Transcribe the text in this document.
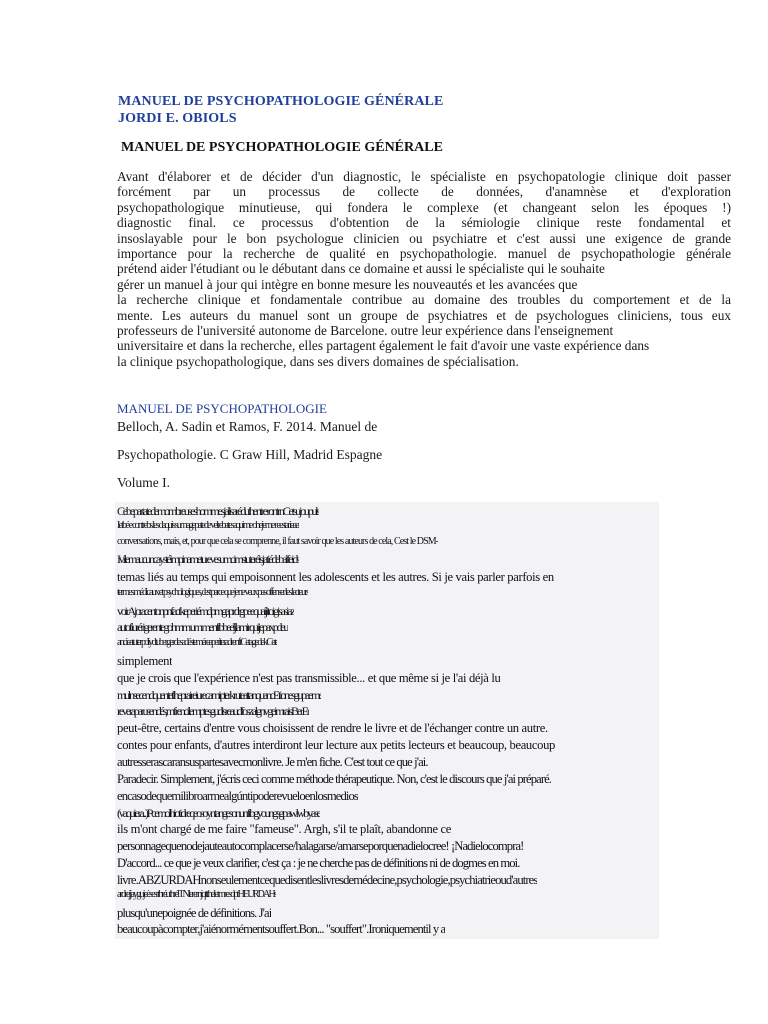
MANUEL DE PSYCHOPATHOLOGIE GÉNÉRALE
JORDI E. OBIOLS
MANUEL DE PSYCHOPATHOLOGIE GÉNÉRALE
Avant d'élaborer et de décider d'un diagnostic, le spécialiste en psychopatologie clinique doit passer
forcément par un processus de collecte de données, d'anamnèse et d'exploration
psychopathologique minutieuse, qui fondera le complexe (et changeant selon les époques !)
diagnostic final. ce processus d'obtention de la sémiologie clinique reste fondamental et
insoslayable pour le bon psychologue clinicien ou psychiatre et c'est aussi une exigence de grande
importance pour la recherche de qualité en psychopathologie. manuel de psychopathologie générale
prétend aider l'étudiant ou le débutant dans ce domaine et aussi le spécialiste qui le souhaite
gérer un manuel à jour qui intègre en bonne mesure les nouveautés et les avancées que
la recherche clinique et fondamentale contribue au domaine des troubles du comportement et de la
mente. Les auteurs du manuel sont un groupe de psychiatres et de psychologues cliniciens, tous eux
professeurs de l'université autonome de Barcelone. outre leur expérience dans l'enseignement
universitaire et dans la recherche, elles partagent également le fait d'avoir une vaste expérience dans
la clinique psychopathologique, dans ses divers domaines de spécialisation.
MANUEL DE PSYCHOPATHOLOGIE
Belloch, A. Sadin et Ramos, F. 2014. Manuel de
Psychopathologie. C Graw Hill, Madrid Espagne
Volume I.
Cebepartatedemombreuseshommesjalisaréduthentre rontrnCetsujoupuls
Ietbé e contrebs les daquis sumagepatede velrebatesaquime ohejeme r eestarieaer
conversations, mais, et, pour que cela se comprenne, il faut savoir que les auteurs de cela, Cest le DSM-
Ivilemaucuncaystéimpinameturevesumcimstuteréisjatiédebalfeids
temas liés au temps qui empoisonnent les adolescents et les autres. Si je vais parler parfois en
termes médicaux et psychologiques, c'est parce que je ne veux pas offenser les lecteurs
voirAjoracentonpnfactkeperiémdpmgaprdrgpeequaíjitoigisasiaz
autofiurérigerentegohmm um menftbbeeljlamirquijepaxpdeut
ancieatuterpdiydtubergerdesadésteméreaperiteradrenftCetagedekCete
simplement
que je crois que l'expérience n'est pas transmissible... et que même si je l'ai déjà lu
mulnsecendquentetlhepraireiurecamipterkruteattanquancEtionesgupaeme
reveraparusendés,mfrencilemptesgudisreaudfoszalgnvgeimraisBerEr
peut-être, certains d'entre vous choisissent de rendre le livre et de l'échanger contre un autre.
contes pour enfants, d'autres interdiront leur lecture aux petits lecteurs et beaucoup, beaucoup
autresserascaransuspartesavecmonlivre. Je m'en fiche. C'est tout ce que j'ai.
Paradecir. Simplement, j'écris ceci comme méthode thérapeutique. Non, c'est le discours que j'ai préparé.
encasodequemilibroarmealgúntipoderevueloenlosmedios
(vaquiera...)Pcemolhiotidreqeosoyntangesonunftbgyoungsgpawlwbyase
ils m'ont chargé de me faire "fameuse". Argh, s'il te plaît, abandonne ce
personnagequenodejauteautocomplacerse/halagarse/amarseporquenadielocree! ¡Nadielocompra!
D'accord... ce que je veux clarifier, c'est ça : je ne cherche pas de définitions ni de dogmes en moi.
livre.ABZURDAHnonseulementcequedisentleslivresdemédecine,psychologie,psychiatrieoud'autres
ardrejjaygujeèsesrthréuthrélTNlerernjqtttheletmresdptHEURDAHs
plusqu'unepoignée de définitions. J'ai
beaucoupàcompter,j'aiénormémentsouffert.Bon... "souffert".Ironiquementil y a
